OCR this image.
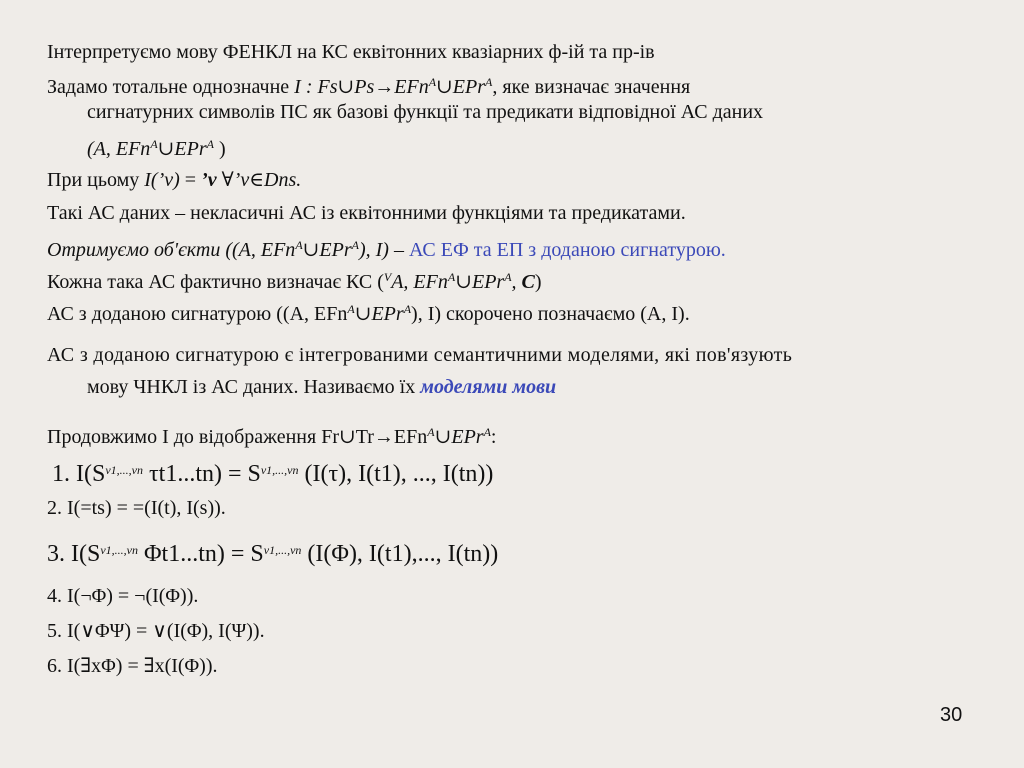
Інтерпретуємо мову ФЕНКЛ на КС еквітонних квазіарних ф-ій та пр-ів

Задамо тотальне однозначне I : Fs∪Ps→EFn$^A$∪EPr$^A$, яке визначає значення

сигнатурних символів ПС як базові функції та предикати відповідної АС даних

(A, EFn$^A$∪EPr$^A$ )

При цьому I(’v) = ’v ∀’v∈Dns.

Такі АС даних – некласичні АС із еквітонними функціями та предикатами.

Отримуємо об'єкти ((A, EFn$^A$∪EPr$^A$), I) – АС ЕФ та ЕП з доданою сигнатурою.

Кожна така АС фактично визначає КС ($^V$A, EFn$^A$∪EPr$^A$, C)

АС з доданою сигнатурою ((A, EFn$^A$∪EPr$^A$), I) скорочено позначаємо (A, I).

АС з доданою сигнатурою є інтегрованими семантичними моделями, які пов'язують

мову ЧНКЛ із АС даних. Називаємо їх моделями мови

Продовжимо I до відображення Fr∪Tr→EFn$^A$∪EPr$^A$:

1. $I(S^{v1,...,vn}$ $\tau t1...tn) = S^{v1,...,vn}$ (I(τ), I(t1), ..., I(tn))

2. I(=ts) = =(I(t), I(s)).

3. $I(S^{v1,...,vn}$ $\Phi t1...tn) = S^{v1,...,vn}$ (I(Φ), I(t1),..., I(tn))

4. I(¬Φ) = ¬(I(Φ)).

5. I(∨ΦΨ) = ∨(I(Φ), I(Ψ)).

6. I(∃xΦ) = ∃x(I(Φ)).

30
